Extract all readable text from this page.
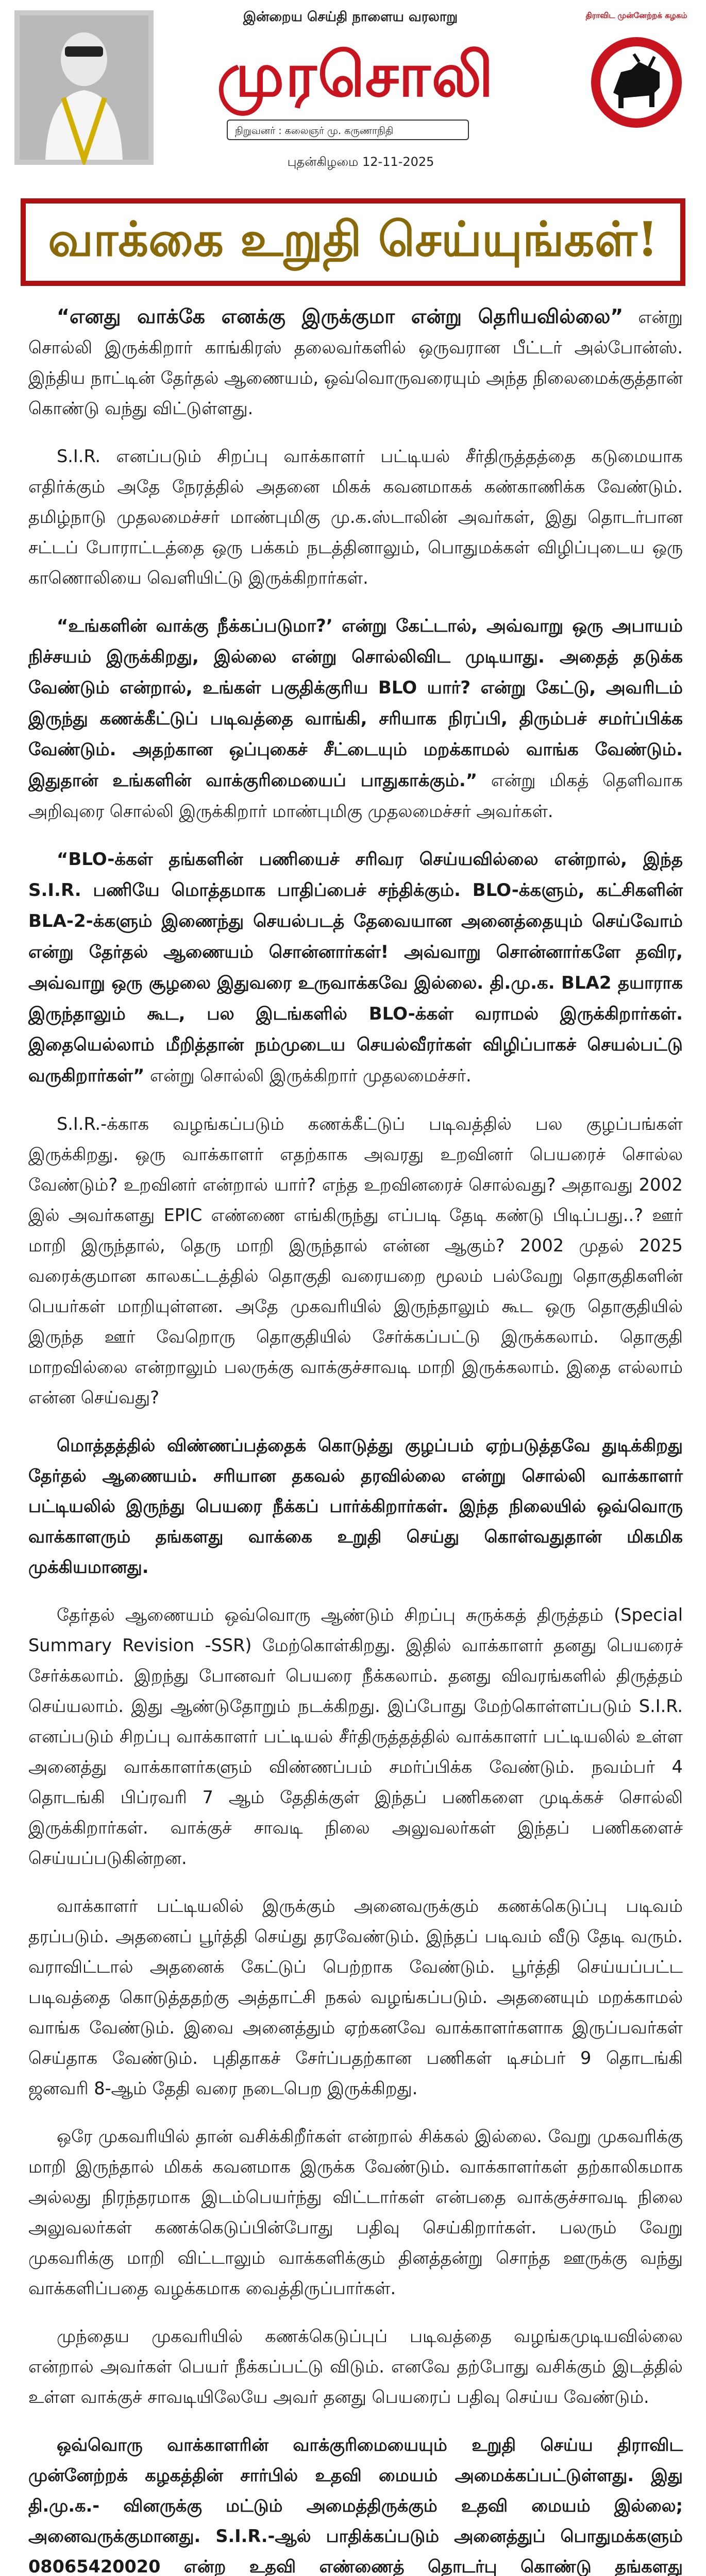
இன்றைய செய்தி நாளைய வரலாறு
முரசொலி
நிறுவனர் : கலைஞர் மு. கருணாநிதி
திராவிட முன்னேற்றக் கழகம்
புதன்கிழமை 12-11-2025
வாக்கை உறுதி செய்யுங்கள்!

“எனது வாக்கே எனக்கு இருக்குமா என்று தெரியவில்லை” என்று சொல்லி இருக்கிறார் காங்கிரஸ் தலைவர்களில் ஒருவரான பீட்டர் அல்போன்ஸ். இந்திய நாட்டின் தேர்தல் ஆணையம், ஒவ்வொருவரையும் அந்த நிலைமைக்குத்தான் கொண்டு வந்து விட்டுள்ளது.

S.I.R. எனப்படும் சிறப்பு வாக்காளர் பட்டியல் சீர்திருத்தத்தை கடுமையாக எதிர்க்கும் அதே நேரத்தில் அதனை மிகக் கவனமாகக் கண்காணிக்க வேண்டும். தமிழ்நாடு முதலமைச்சர் மாண்புமிகு மு.க.ஸ்டாலின் அவர்கள், இது தொடர்பான சட்டப் போராட்டத்தை ஒரு பக்கம் நடத்தினாலும், பொதுமக்கள் விழிப்புடைய ஒரு காணொலியை வெளியிட்டு இருக்கிறார்கள்.

“உங்களின் வாக்கு நீக்கப்படுமா?’ என்று கேட்டால், அவ்வாறு ஒரு அபாயம் நிச்சயம் இருக்கிறது, இல்லை என்று சொல்லிவிட முடியாது. அதைத் தடுக்க வேண்டும் என்றால், உங்கள் பகுதிக்குரிய BLO யார்? என்று கேட்டு, அவரிடம் இருந்து கணக்கீட்டுப் படிவத்தை வாங்கி, சரியாக நிரப்பி, திரும்பச் சமர்ப்பிக்க வேண்டும். அதற்கான ஒப்புகைச் சீட்டையும் மறக்காமல் வாங்க வேண்டும். இதுதான் உங்களின் வாக்குரிமையைப் பாதுகாக்கும்.” என்று மிகத் தெளிவாக அறிவுரை சொல்லி இருக்கிறார் மாண்புமிகு முதலமைச்சர் அவர்கள்.

“BLO-க்கள் தங்களின் பணியைச் சரிவர செய்யவில்லை என்றால், இந்த S.I.R. பணியே மொத்தமாக பாதிப்பைச் சந்திக்கும். BLO-க்களும், கட்சிகளின் BLA-2-க்களும் இணைந்து செயல்படத் தேவையான அனைத்தையும் செய்வோம் என்று தேர்தல் ஆணையம் சொன்னார்கள்! அவ்வாறு சொன்னார்களே தவிர, அவ்வாறு ஒரு சூழலை இதுவரை உருவாக்கவே இல்லை. தி.மு.க. BLA2 தயாராக இருந்தாலும் கூட, பல இடங்களில் BLO-க்கள் வராமல் இருக்கிறார்கள். இதையெல்லாம் மீறித்தான் நம்முடைய செயல்வீரர்கள் விழிப்பாகச் செயல்பட்டு வருகிறார்கள்” என்று சொல்லி இருக்கிறார் முதலமைச்சர்.

S.I.R.-க்காக வழங்கப்படும் கணக்கீட்டுப் படிவத்தில் பல குழப்பங்கள் இருக்கிறது. ஒரு வாக்காளர் எதற்காக அவரது உறவினர் பெயரைச் சொல்ல வேண்டும்? உறவினர் என்றால் யார்? எந்த உறவினரைச் சொல்வது? அதாவது 2002 இல் அவர்களது EPIC எண்ணை எங்கிருந்து எப்படி தேடி கண்டு பிடிப்பது..? ஊர் மாறி இருந்தால், தெரு மாறி இருந்தால் என்ன ஆகும்? 2002 முதல் 2025 வரைக்குமான காலகட்டத்தில் தொகுதி வரையறை மூலம் பல்வேறு தொகுதிகளின் பெயர்கள் மாறியுள்ளன. அதே முகவரியில் இருந்தாலும் கூட ஒரு தொகுதியில் இருந்த ஊர் வேறொரு தொகுதியில் சேர்க்கப்பட்டு இருக்கலாம். தொகுதி மாறவில்லை என்றாலும் பலருக்கு வாக்குச்சாவடி மாறி இருக்கலாம். இதை எல்லாம் என்ன செய்வது?

மொத்தத்தில் விண்ணப்பத்தைக் கொடுத்து குழப்பம் ஏற்படுத்தவே துடிக்கிறது தேர்தல் ஆணையம். சரியான தகவல் தரவில்லை என்று சொல்லி வாக்காளர் பட்டியலில் இருந்து பெயரை நீக்கப் பார்க்கிறார்கள். இந்த நிலையில் ஒவ்வொரு வாக்காளரும் தங்களது வாக்கை உறுதி செய்து கொள்வதுதான் மிகமிக முக்கியமானது.

தேர்தல் ஆணையம் ஒவ்வொரு ஆண்டும் சிறப்பு சுருக்கத் திருத்தம் (Special Summary Revision -SSR) மேற்கொள்கிறது. இதில் வாக்காளர் தனது பெயரைச் சேர்க்கலாம். இறந்து போனவர் பெயரை நீக்கலாம். தனது விவரங்களில் திருத்தம் செய்யலாம். இது ஆண்டுதோறும் நடக்கிறது. இப்போது மேற்கொள்ளப்படும் S.I.R. எனப்படும் சிறப்பு வாக்காளர் பட்டியல் சீர்திருத்தத்தில் வாக்காளர் பட்டியலில் உள்ள அனைத்து வாக்காளர்களும் விண்ணப்பம் சமர்ப்பிக்க வேண்டும். நவம்பர் 4 தொடங்கி பிப்ரவரி 7 ஆம் தேதிக்குள் இந்தப் பணிகளை முடிக்கச் சொல்லி இருக்கிறார்கள். வாக்குச் சாவடி நிலை அலுவலர்கள் இந்தப் பணிகளைச் செய்யப்படுகின்றன.

வாக்காளர் பட்டியலில் இருக்கும் அனைவருக்கும் கணக்கெடுப்பு படிவம் தரப்படும். அதனைப் பூர்த்தி செய்து தரவேண்டும். இந்தப் படிவம் வீடு தேடி வரும். வராவிட்டால் அதனைக் கேட்டுப் பெற்றாக வேண்டும். பூர்த்தி செய்யப்பட்ட படிவத்தை கொடுத்ததற்கு அத்தாட்சி நகல் வழங்கப்படும். அதனையும் மறக்காமல் வாங்க வேண்டும். இவை அனைத்தும் ஏற்கனவே வாக்காளர்களாக இருப்பவர்கள் செய்தாக வேண்டும். புதிதாகச் சேர்ப்பதற்கான பணிகள் டிசம்பர் 9 தொடங்கி ஜனவரி 8-ஆம் தேதி வரை நடைபெற இருக்கிறது.

ஒரே முகவரியில் தான் வசிக்கிறீர்கள் என்றால் சிக்கல் இல்லை. வேறு முகவரிக்கு மாறி இருந்தால் மிகக் கவனமாக இருக்க வேண்டும். வாக்காளர்கள் தற்காலிகமாக அல்லது நிரந்தரமாக இடம்பெயர்ந்து விட்டார்கள் என்பதை வாக்குச்சாவடி நிலை அலுவலர்கள் கணக்கெடுப்பின்போது பதிவு செய்கிறார்கள். பலரும் வேறு முகவரிக்கு மாறி விட்டாலும் வாக்களிக்கும் தினத்தன்று சொந்த ஊருக்கு வந்து வாக்களிப்பதை வழக்கமாக வைத்திருப்பார்கள்.

முந்தைய முகவரியில் கணக்கெடுப்புப் படிவத்தை வழங்கமுடியவில்லை என்றால் அவர்கள் பெயர் நீக்கப்பட்டு விடும். எனவே தற்போது வசிக்கும் இடத்தில் உள்ள வாக்குச் சாவடியிலேயே அவர் தனது பெயரைப் பதிவு செய்ய வேண்டும்.

ஒவ்வொரு வாக்காளரின் வாக்குரிமையையும் உறுதி செய்ய திராவிட முன்னேற்றக் கழகத்தின் சார்பில் உதவி மையம் அமைக்கப்பட்டுள்ளது. இது தி.மு.க.- வினருக்கு மட்டும் அமைத்திருக்கும் உதவி மையம் இல்லை; அனைவருக்குமானது. S.I.R.-ஆல் பாதிக்கப்படும் அனைத்துப் பொதுமக்களும் 08065420020 என்ற உதவி எண்ணைத் தொடர்பு கொண்டு தங்களது
